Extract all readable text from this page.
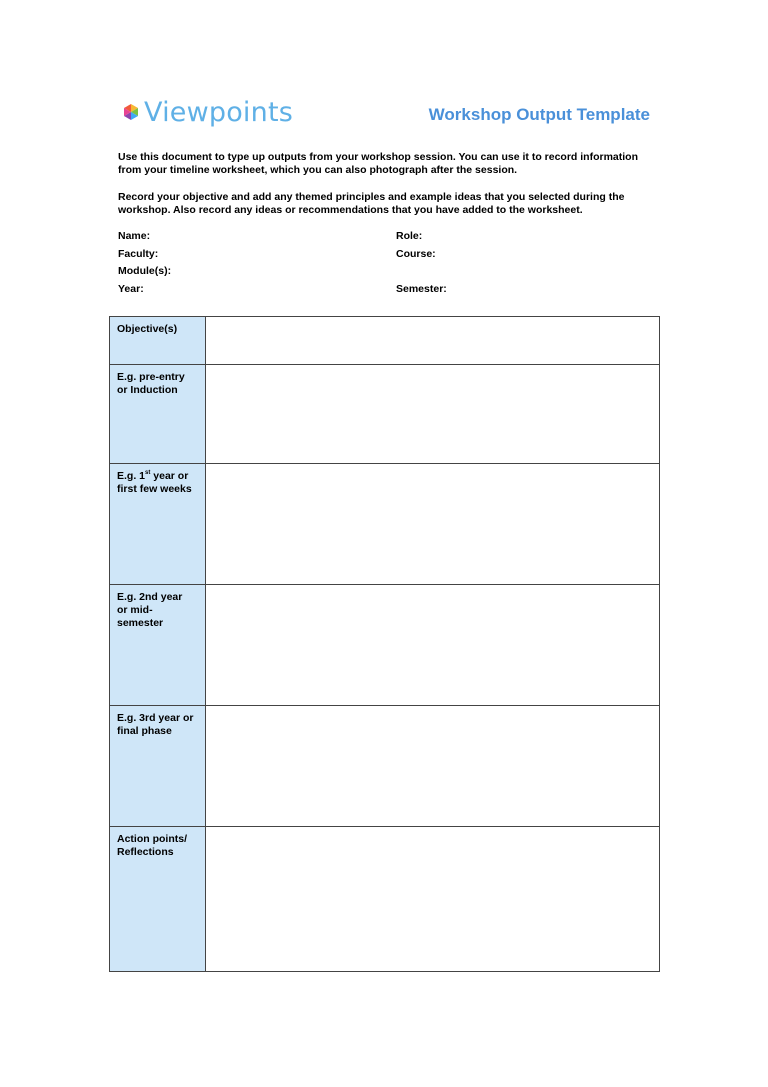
Viewpoints	Workshop Output Template

Use this document to type up outputs from your workshop session. You can use it to record information from your timeline worksheet, which you can also photograph after the session.

Record your objective and add any themed principles and example ideas that you selected during the workshop. Also record any ideas or recommendations that you have added to the worksheet.

Name:	Role:
Faculty:	Course:
Module(s):
Year:	Semester:
Objective(s)
E.g. pre-entry
or Induction
E.g. 1st year or
first few weeks
E.g. 2nd year
or mid-
semester
E.g. 3rd year or
final phase
Action points/
Reflections
